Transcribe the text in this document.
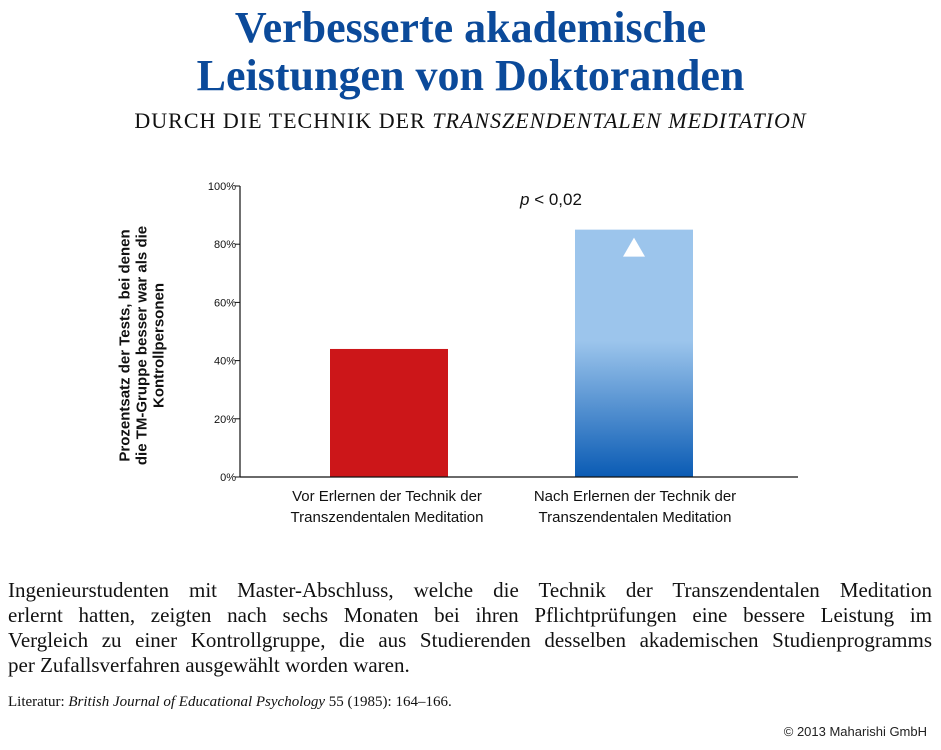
Verbesserte akademische
Leistungen von Doktoranden
DURCH DIE TECHNIK DER TRANSZENDENTALEN MEDITATION
0%
20%
40%
60%
80%
100%
Prozentsatz der Tests, bei denen die TM-Gruppe besser war als die Kontrollpersonen
p < 0,02
Vor Erlernen der Technik der
Transzendentalen Meditation
Nach Erlernen der Technik der
Transzendentalen Meditation
Ingenieurstudenten mit Master-Abschluss, welche die Technik der Transzendentalen Meditation
erlernt hatten, zeigten nach sechs Monaten bei ihren Pflichtprüfungen eine bessere Leistung im
Vergleich zu einer Kontrollgruppe, die aus Studierenden desselben akademischen Studienprogramms
per Zufallsverfahren ausgewählt worden waren.
Literatur: British Journal of Educational Psychology 55 (1985): 164–166.
© 2013 Maharishi GmbH
